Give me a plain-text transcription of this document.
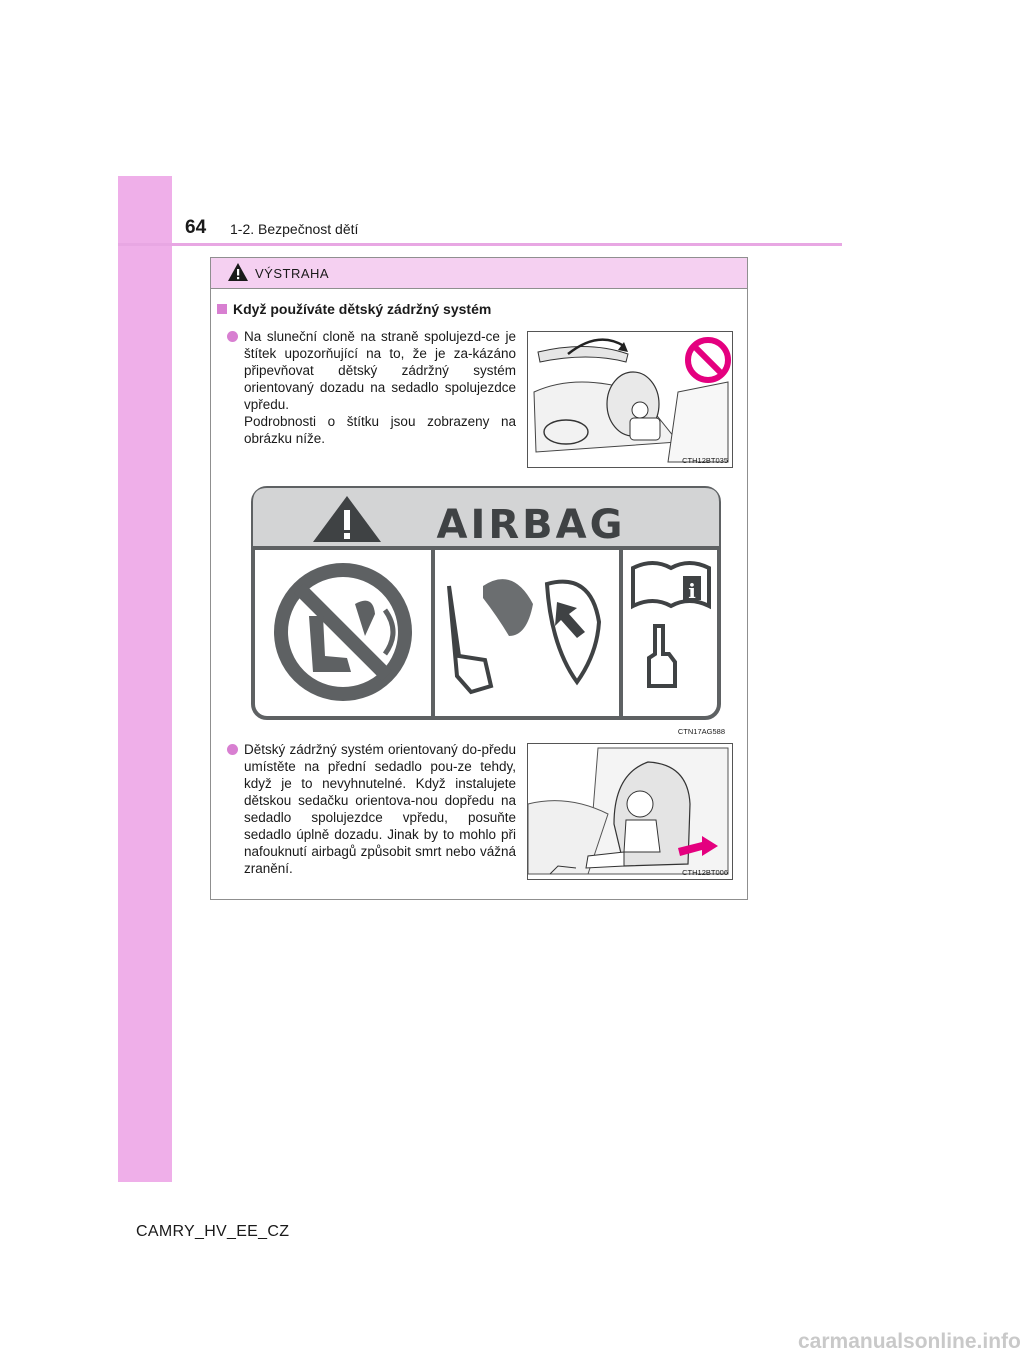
64 1-2. Bezpečnost dětí
VÝSTRAHA
Když používáte dětský zádržný systém
Na sluneční cloně na straně spolujezd-ce je štítek upozorňující na to, že je za-kázáno připevňovat dětský zádržný systém orientovaný dozadu na sedadlo spolujezdce vpředu.
Podrobnosti o štítku jsou zobrazeny na obrázku níže.
CTH12BT035
AIRBAG
i
CTN17AG588
Dětský zádržný systém orientovaný do-předu umístěte na přední sedadlo pou-ze tehdy, když je to nevyhnutelné. Když instalujete dětskou sedačku orientova-nou dopředu na sedadlo spolujezdce vpředu, posuňte sedadlo úplně dozadu. Jinak by to mohlo při nafouknutí airbagů způsobit smrt nebo vážná zranění.	CTH12BT006
CAMRY_HV_EE_CZ
carmanualsonline.info
